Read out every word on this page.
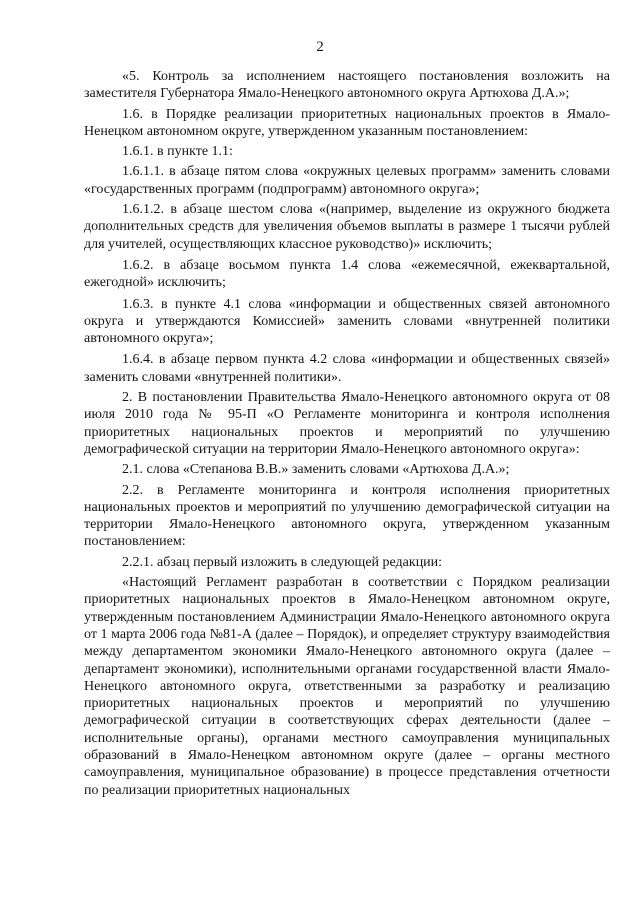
2

«5. Контроль за исполнением настоящего постановления возложить на заместителя Губернатора Ямало-Ненецкого автономного округа Артюхова Д.А.»;

1.6. в Порядке реализации приоритетных национальных проектов в Ямало-Ненецком автономном округе, утвержденном указанным постановлением:

1.6.1. в пункте 1.1:

1.6.1.1. в абзаце пятом слова «окружных целевых программ» заменить словами «государственных программ (подпрограмм) автономного округа»;

1.6.1.2. в абзаце шестом слова «(например, выделение из окружного бюджета дополнительных средств для увеличения объемов выплаты в размере 1 тысячи рублей для учителей, осуществляющих классное руководство)» исключить;

1.6.2. в абзаце восьмом пункта 1.4 слова «ежемесячной, ежеквартальной, ежегодной» исключить;

1.6.3. в пункте 4.1 слова «информации и общественных связей автономного округа и утверждаются Комиссией» заменить словами «внутренней политики автономного округа»;

1.6.4. в абзаце первом пункта 4.2 слова «информации и общественных связей» заменить словами «внутренней политики».

2. В постановлении Правительства Ямало-Ненецкого автономного округа от 08 июля 2010 года № 95-П «О Регламенте мониторинга и контроля исполнения приоритетных национальных проектов и мероприятий по улучшению демографической ситуации на территории Ямало-Ненецкого автономного округа»:

2.1. слова «Степанова В.В.» заменить словами «Артюхова Д.А.»;

2.2. в Регламенте мониторинга и контроля исполнения приоритетных национальных проектов и мероприятий по улучшению демографической ситуации на территории Ямало-Ненецкого автономного округа, утвержденном указанным постановлением:

2.2.1. абзац первый изложить в следующей редакции:

«Настоящий Регламент разработан в соответствии с Порядком реализации приоритетных национальных проектов в Ямало-Ненецком автономном округе, утвержденным постановлением Администрации Ямало-Ненецкого автономного округа от 1 марта 2006 года №81-А (далее – Порядок), и определяет структуру взаимодействия между департаментом экономики Ямало-Ненецкого автономного округа (далее – департамент экономики), исполнительными органами государственной власти Ямало-Ненецкого автономного округа, ответственными за разработку и реализацию приоритетных национальных проектов и мероприятий по улучшению демографической ситуации в соответствующих сферах деятельности (далее – исполнительные органы), органами местного самоуправления муниципальных образований в Ямало-Ненецком автономном округе (далее – органы местного самоуправления, муниципальное образование) в процессе представления отчетности по реализации приоритетных национальных
